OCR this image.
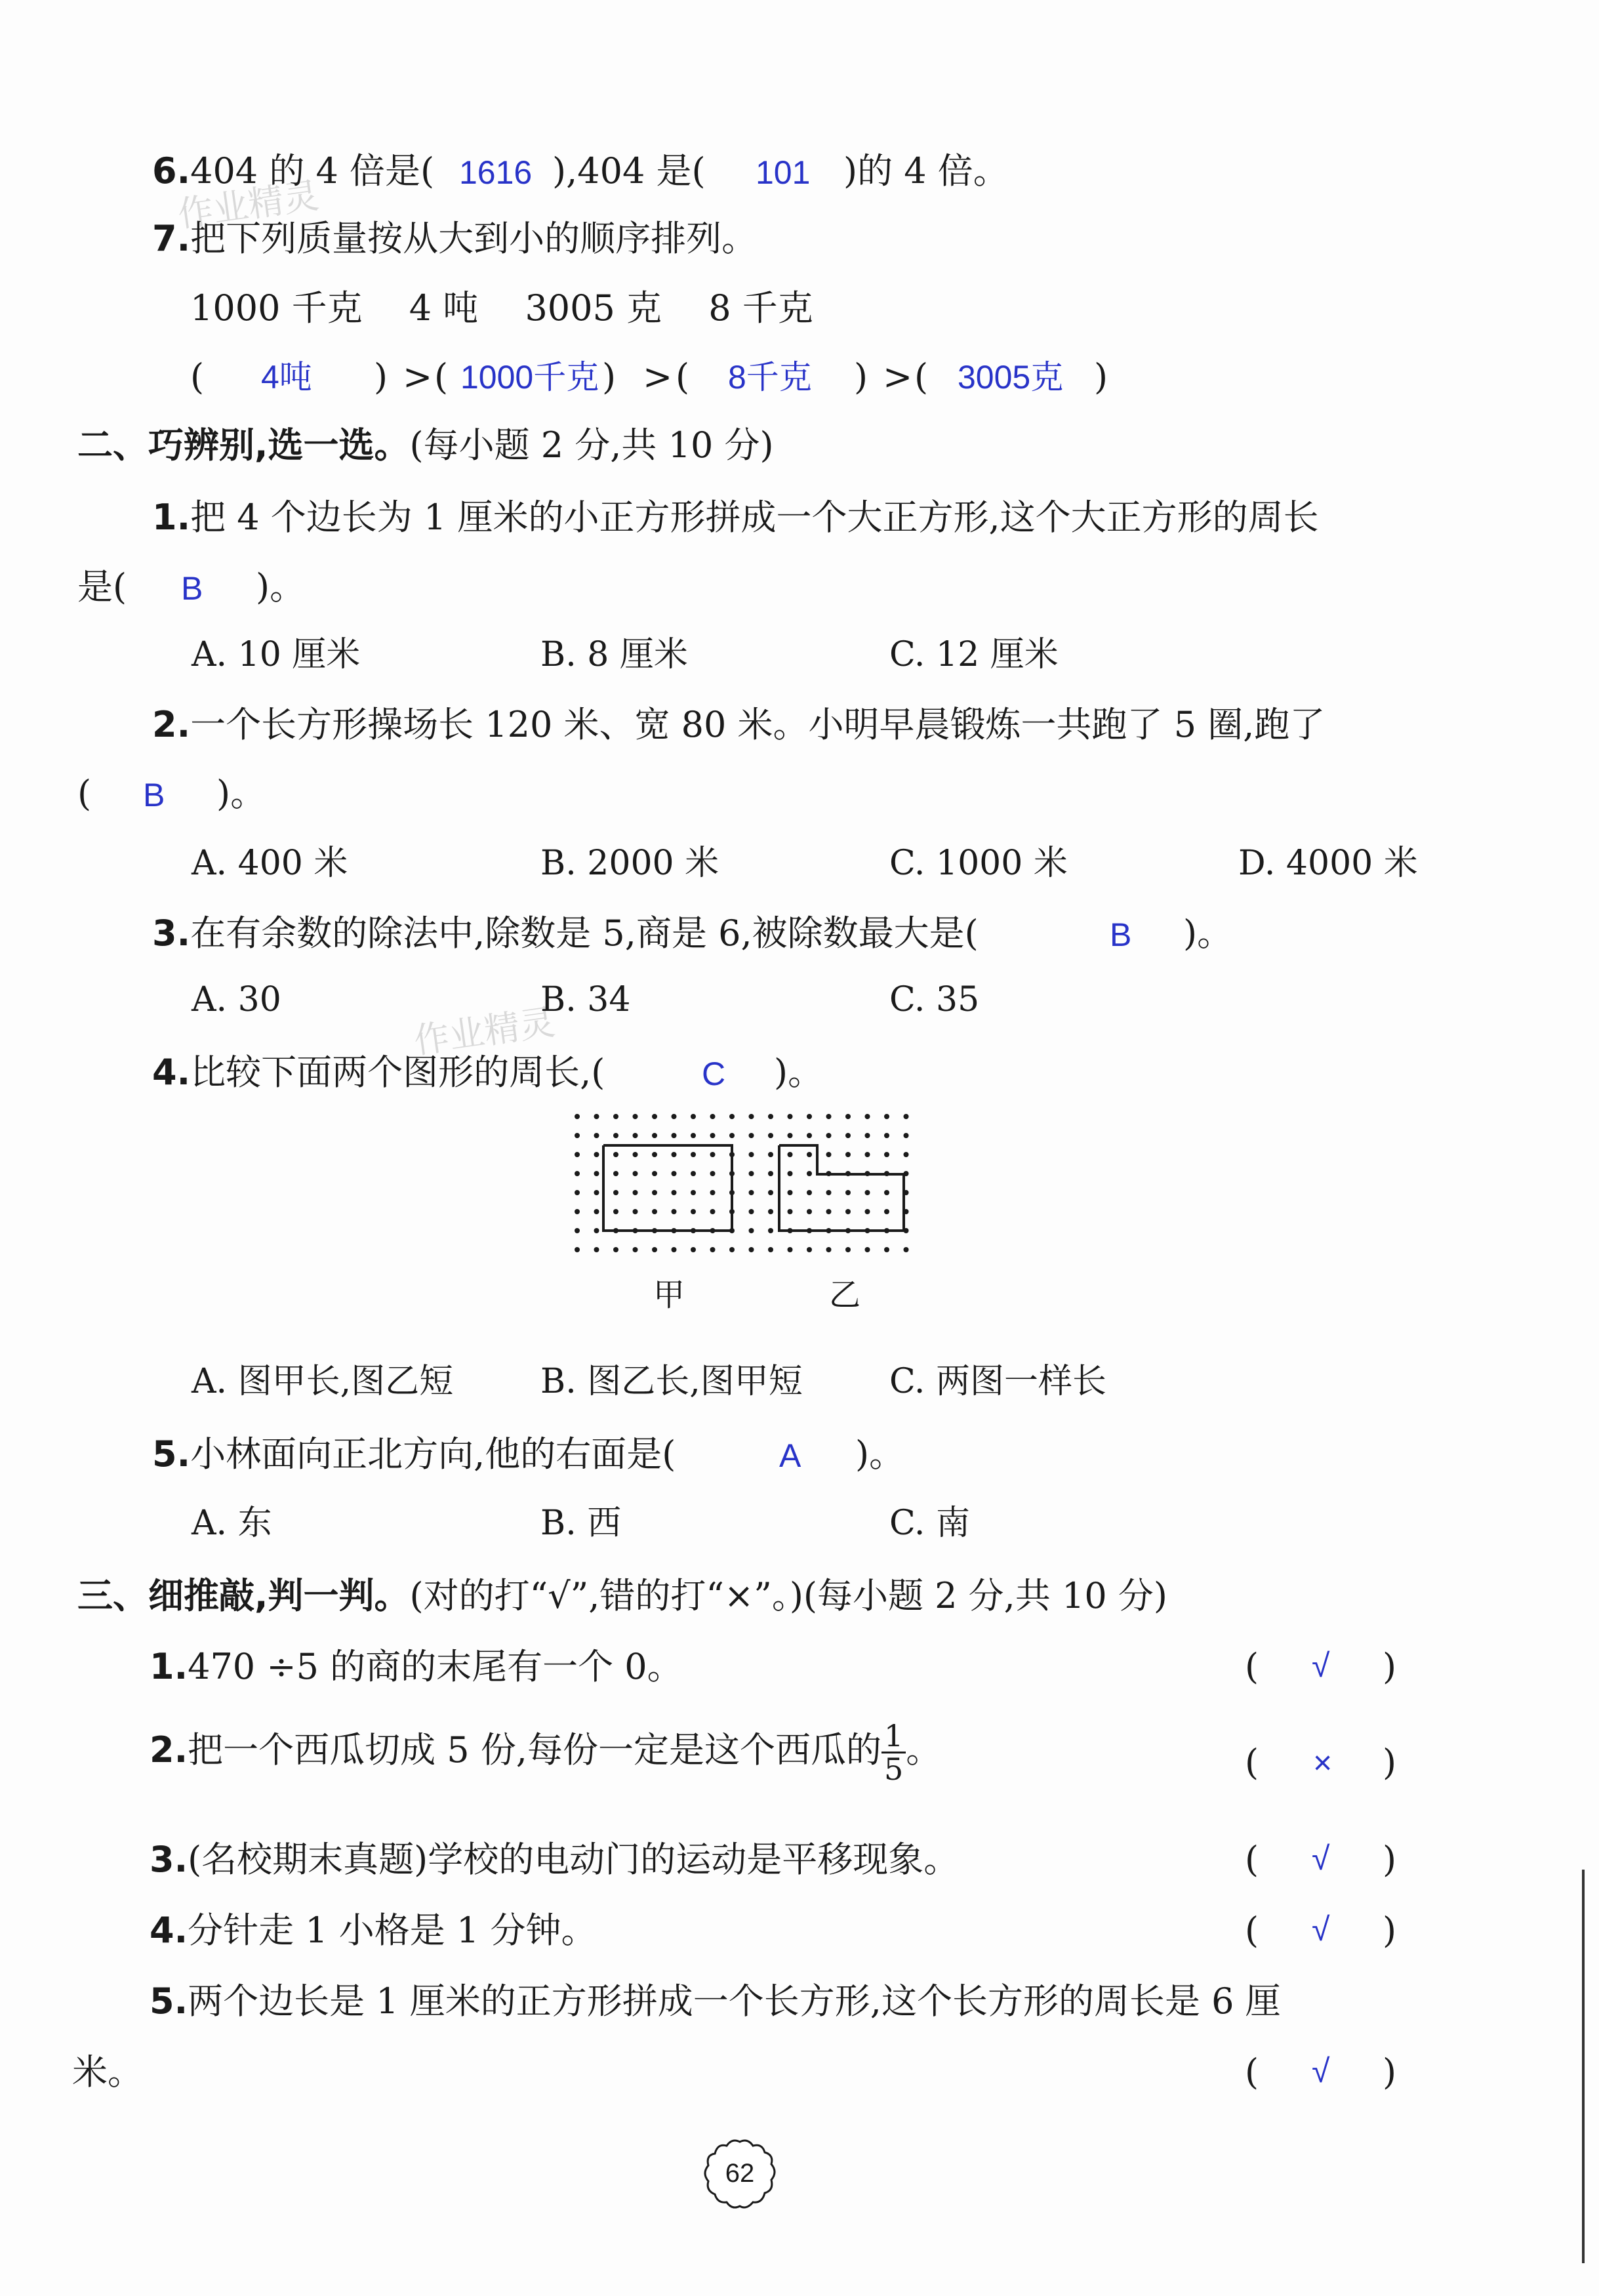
作业精灵
作业精灵
6.404 的 4 倍是( 1616 ),404 是( 101 )的 4 倍。
7.把下列质量按从大到小的顺序排列。
1000 千克　 4 吨　 3005 克　 8 千克
( 4吨 ) > ( 1000千克 ) > ( 8千克 ) > ( 3005克 )
二、巧辨别,选一选。(每小题 2 分,共 10 分)
1.把 4 个边长为 1 厘米的小正方形拼成一个大正方形,这个大正方形的周长
是( B )。
A. 10 厘米	B. 8 厘米	C. 12 厘米
2.一个长方形操场长 120 米、宽 80 米。小明早晨锻炼一共跑了 5 圈,跑了
( B )。
A. 400 米	B. 2000 米	C. 1000 米	D. 4000 米
3.在有余数的除法中,除数是 5,商是 6,被除数最大是(	B )。
A. 30	B. 34	C. 35
4.比较下面两个图形的周长,(	C )。
甲	乙
A. 图甲长,图乙短	B. 图乙长,图甲短	C. 两图一样长
5.小林面向正北方向,他的右面是(	A )。
A. 东	B. 西	C. 南
三、细推敲,判一判。(对的打“√”,错的打“×”。)(每小题 2 分,共 10 分)
1.470 ÷5 的商的末尾有一个 0。	( √ )
2.把一个西瓜切成 5 份,每份一定是这个西瓜的 $\frac{1}{5}$ 。	( × )
3.(名校期末真题)学校的电动门的运动是平移现象。	( √ )
4.分针走 1 小格是 1 分钟。	( √ )
5.两个边长是 1 厘米的正方形拼成一个长方形,这个长方形的周长是 6 厘
米。	( √ )
62
